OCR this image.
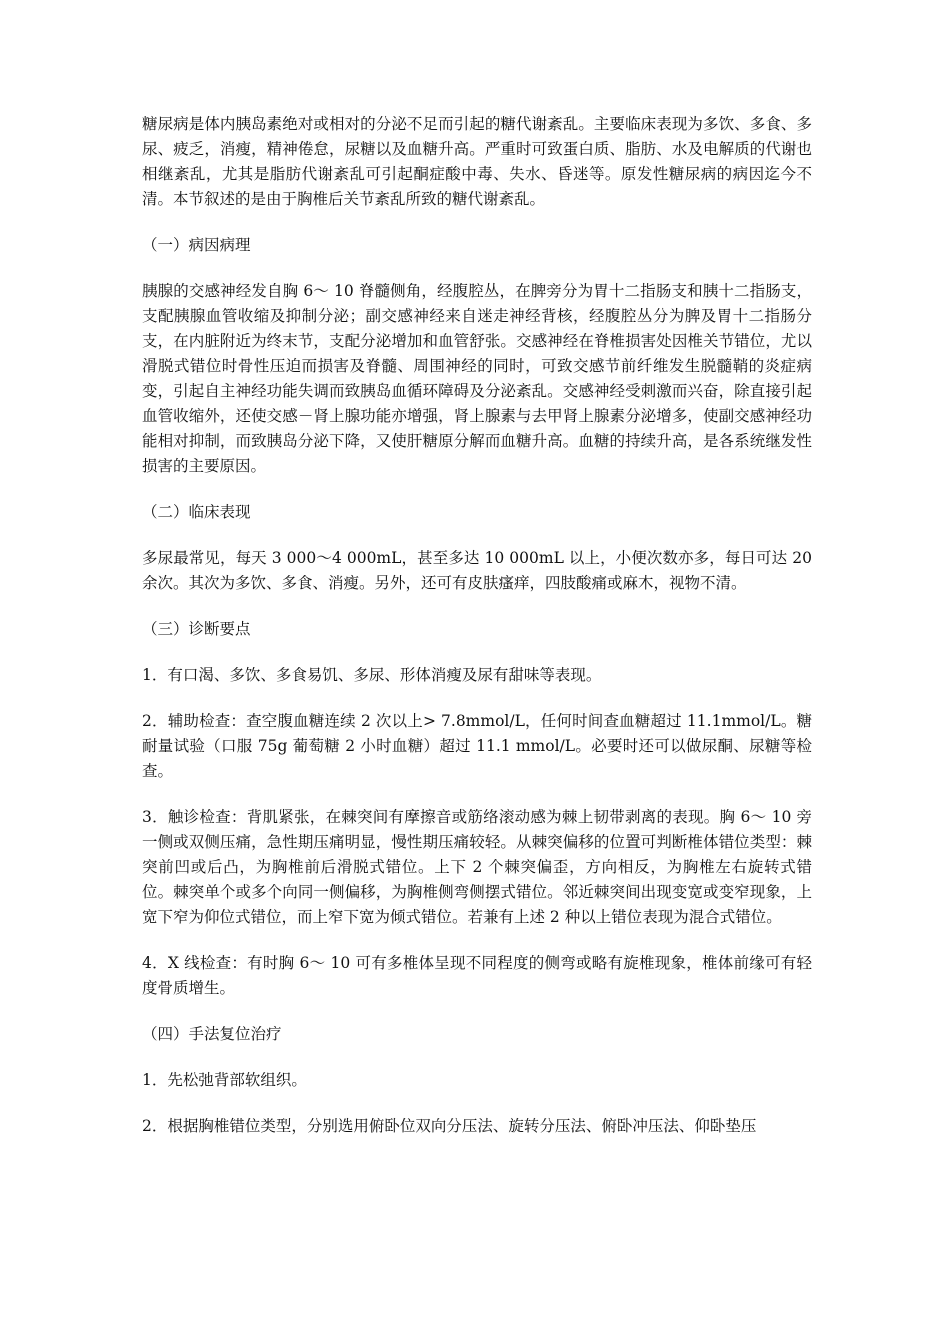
糖尿病是体内胰岛素绝对或相对的分泌不足而引起的糖代谢紊乱。主要临床表现为多饮、多食、多尿、疲乏，消瘦，精神倦怠，尿糖以及血糖升高。严重时可致蛋白质、脂肪、水及电解质的代谢也相继紊乱，尤其是脂肪代谢紊乱可引起酮症酸中毒、失水、昏迷等。原发性糖尿病的病因迄今不清。本节叙述的是由于胸椎后关节紊乱所致的糖代谢紊乱。

（一）病因病理

胰腺的交感神经发自胸 6～ 10 脊髓侧角，经腹腔丛，在脾旁分为胃十二指肠支和胰十二指肠支，支配胰腺血管收缩及抑制分泌；副交感神经来自迷走神经背核，经腹腔丛分为脾及胃十二指肠分支，在内脏附近为终末节，支配分泌增加和血管舒张。交感神经在脊椎损害处因椎关节错位，尤以滑脱式错位时骨性压迫而损害及脊髓、周围神经的同时，可致交感节前纤维发生脱髓鞘的炎症病变，引起自主神经功能失调而致胰岛血循环障碍及分泌紊乱。交感神经受刺激而兴奋，除直接引起血管收缩外，还使交感－肾上腺功能亦增强，肾上腺素与去甲肾上腺素分泌增多，使副交感神经功能相对抑制，而致胰岛分泌下降，又使肝糖原分解而血糖升高。血糖的持续升高，是各系统继发性损害的主要原因。

（二）临床表现

多尿最常见，每天 3 000～4 000mL，甚至多达 10 000mL 以上，小便次数亦多，每日可达 20 余次。其次为多饮、多食、消瘦。另外，还可有皮肤瘙痒，四肢酸痛或麻木，视物不清。

（三）诊断要点

1．有口渴、多饮、多食易饥、多尿、形体消瘦及尿有甜味等表现。

2．辅助检查：查空腹血糖连续 2 次以上> 7.8mmol/L，任何时间查血糖超过 11.1mmol/L。糖耐量试验（口服 75g 葡萄糖 2 小时血糖）超过 11.1 mmol/L。必要时还可以做尿酮、尿糖等检查。

3．触诊检查：背肌紧张，在棘突间有摩擦音或筋络滚动感为棘上韧带剥离的表现。胸 6～ 10 旁一侧或双侧压痛，急性期压痛明显，慢性期压痛较轻。从棘突偏移的位置可判断椎体错位类型：棘突前凹或后凸，为胸椎前后滑脱式错位。上下 2 个棘突偏歪，方向相反，为胸椎左右旋转式错位。棘突单个或多个向同一侧偏移，为胸椎侧弯侧摆式错位。邻近棘突间出现变宽或变窄现象，上宽下窄为仰位式错位，而上窄下宽为倾式错位。若兼有上述 2 种以上错位表现为混合式错位。

4．X 线检查：有时胸 6～ 10 可有多椎体呈现不同程度的侧弯或略有旋椎现象，椎体前缘可有轻度骨质增生。

（四）手法复位治疗

1．先松弛背部软组织。

2．根据胸椎错位类型，分别选用俯卧位双向分压法、旋转分压法、俯卧冲压法、仰卧垫压
